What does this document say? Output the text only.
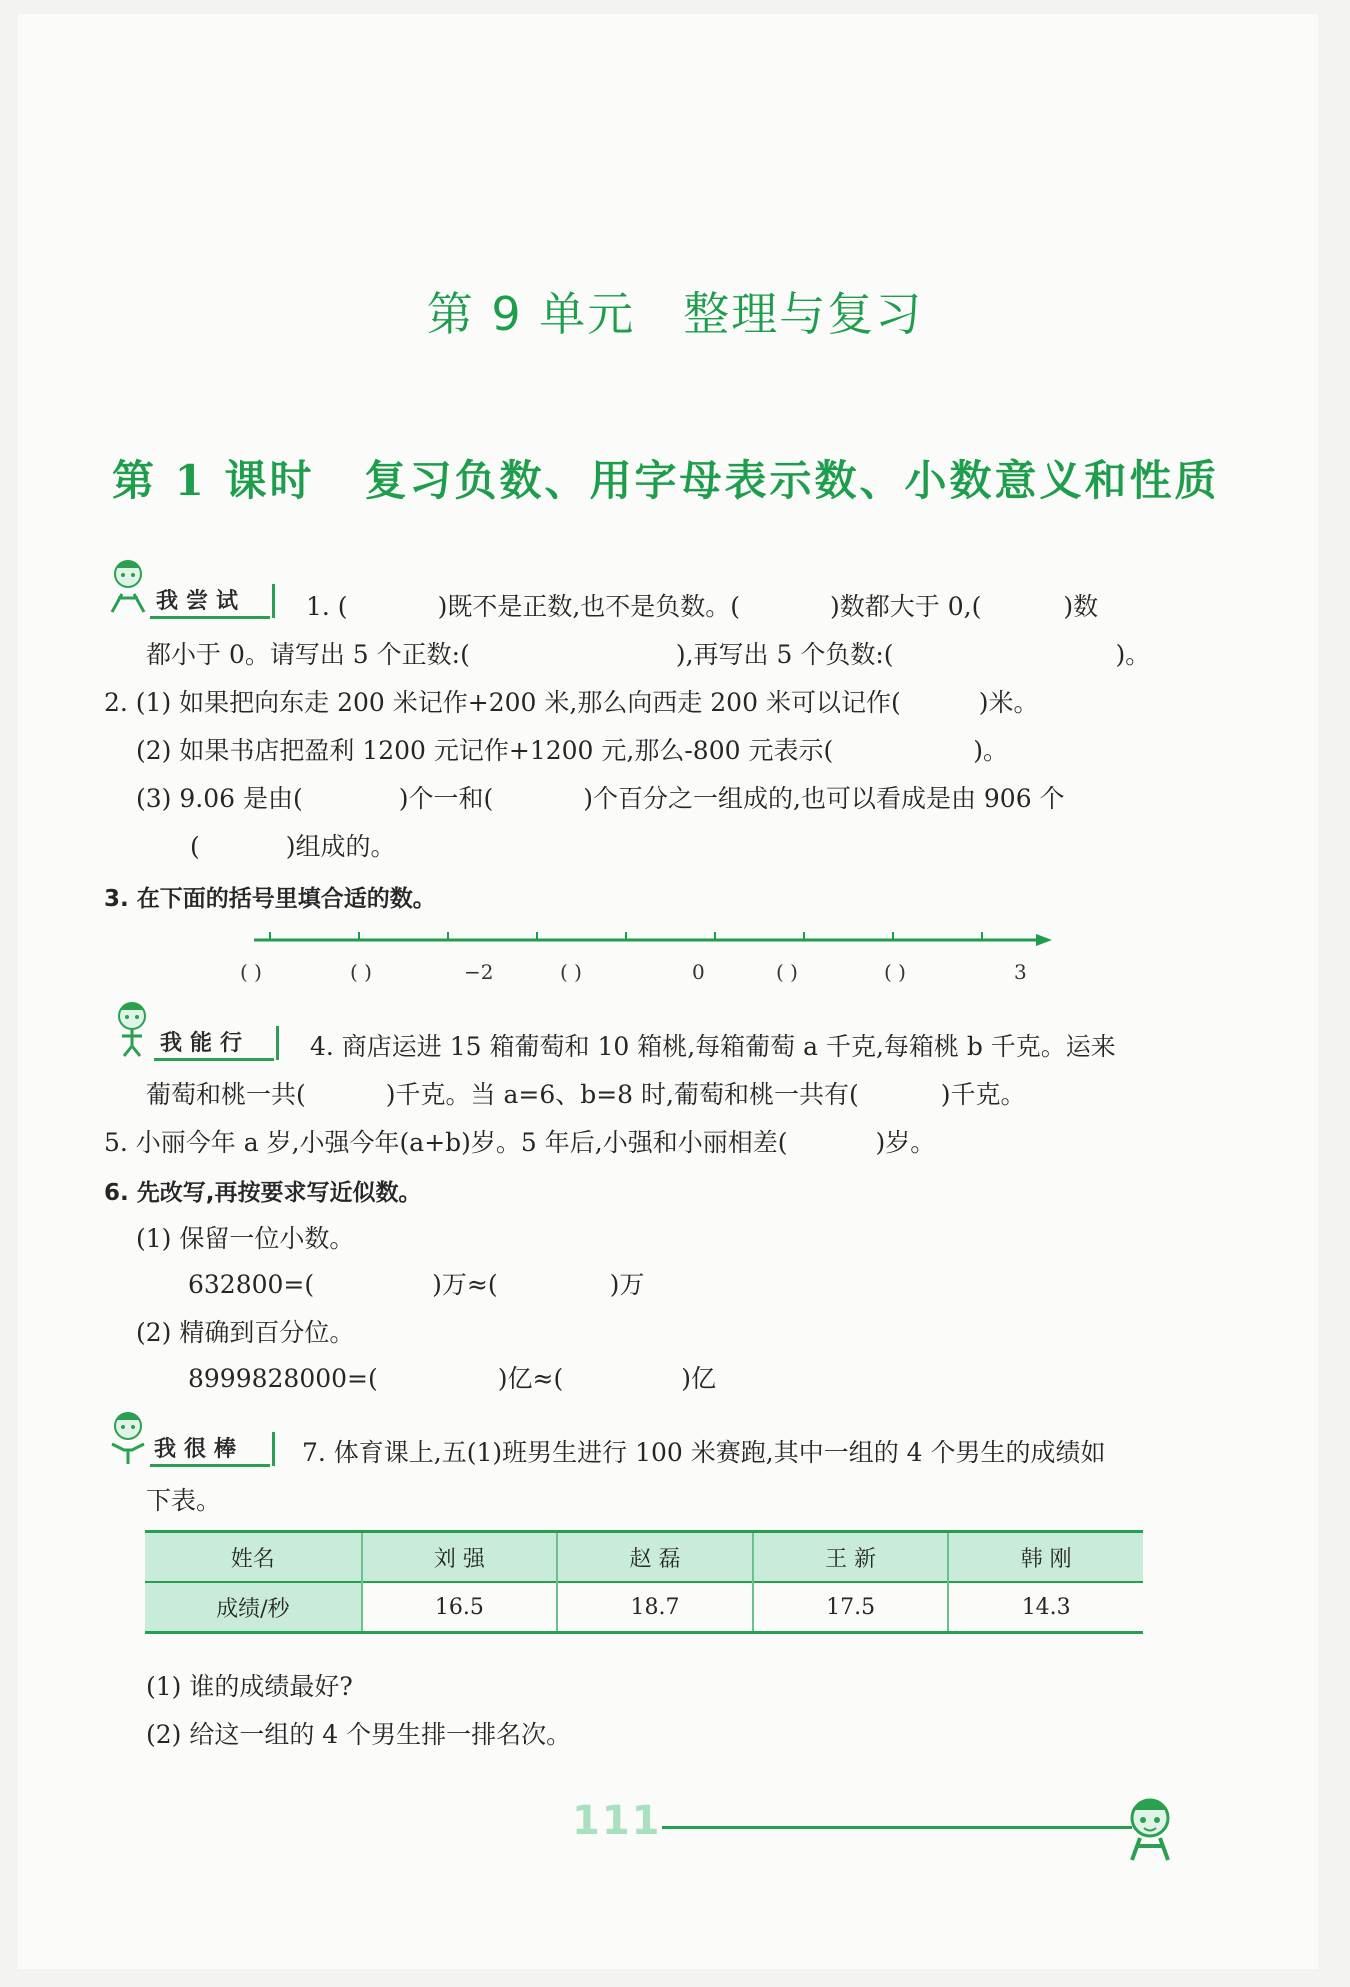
第 9 单元 整理与复习
第 1 课时 复习负数、用字母表示数、小数意义和性质
我尝试 1. (	)既不是正数,也不是负数。(	)数都大于 0,(	)数
都小于 0。请写出 5 个正数:(	),再写出 5 个负数:(	)。
2. (1) 如果把向东走 200 米记作+200 米,那么向西走 200 米可以记作(	)米。
(2) 如果书店把盈利 1200 元记作+1200 元,那么-800 元表示(	)。
(3) 9.06 是由(	)个一和(	)个百分之一组成的,也可以看成是由 906 个
(	)组成的。
3. 在下面的括号里填合适的数。
( )	( )	−2	( )	0	( )	( )	3
我能行 4. 商店运进 15 箱葡萄和 10 箱桃,每箱葡萄 a 千克,每箱桃 b 千克。运来
葡萄和桃一共(	)千克。当 a=6、b=8 时,葡萄和桃一共有(	)千克。
5. 小丽今年 a 岁,小强今年(a+b)岁。5 年后,小强和小丽相差(	)岁。
6. 先改写,再按要求写近似数。
(1) 保留一位小数。
632800=(	)万≈(	)万
(2) 精确到百分位。
8999828000=(	)亿≈(	)亿
我很棒 7. 体育课上,五(1)班男生进行 100 米赛跑,其中一组的 4 个男生的成绩如
下表。
姓名	刘 强	赵 磊	王 新	韩 刚
成绩/秒	16.5	18.7	17.5	14.3
(1) 谁的成绩最好?
(2) 给这一组的 4 个男生排一排名次。
111
